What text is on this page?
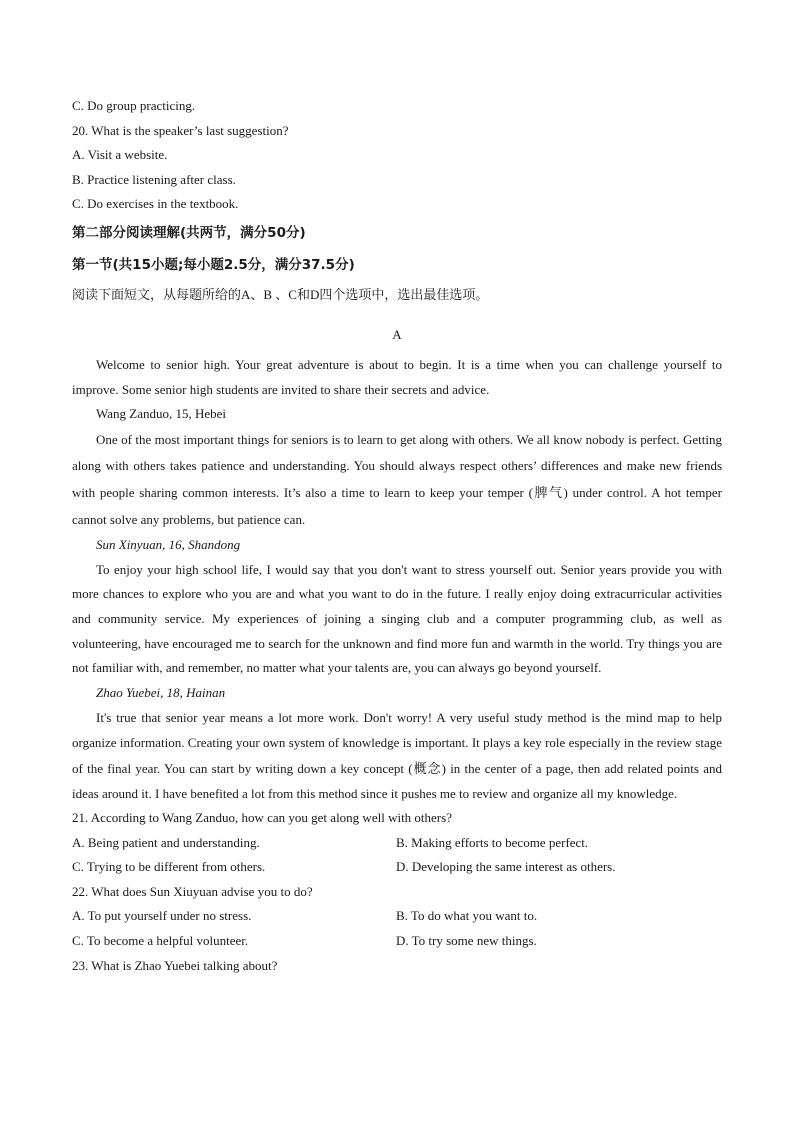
C. Do group practicing.
20. What is the speaker’s last suggestion?
A. Visit a website.
B. Practice listening after class.
C. Do exercises in the textbook.
第二部分阅读理解(共两节，满分50分)
第一节(共15小题;每小题2.5分，满分37.5分)
阅读下面短文，从每题所给的A、B 、C和D四个选项中，选出最佳选项。
A
Welcome to senior high. Your great adventure is about to begin. It is a time when you can challenge yourself to improve. Some senior high students are invited to share their secrets and advice.
Wang Zanduo, 15, Hebei
One of the most important things for seniors is to learn to get along with others. We all know nobody is perfect. Getting along with others takes patience and understanding. You should always respect others’ differences and make new friends with people sharing common interests. It’s also a time to learn to keep your temper (脾气) under control. A hot temper cannot solve any problems, but patience can.
Sun Xinyuan, 16, Shandong
To enjoy your high school life, I would say that you don't want to stress yourself out. Senior years provide you with more chances to explore who you are and what you want to do in the future. I really enjoy doing extracurricular activities and community service. My experiences of joining a singing club and a computer programming club, as well as volunteering, have encouraged me to search for the unknown and find more fun and warmth in the world. Try things you are not familiar with, and remember, no matter what your talents are, you can always go beyond yourself.
Zhao Yuebei, 18, Hainan
It's true that senior year means a lot more work. Don't worry! A very useful study method is the mind map to help organize information. Creating your own system of knowledge is important. It plays a key role especially in the review stage of the final year. You can start by writing down a key concept (概念) in the center of a page, then add related points and ideas around it. I have benefited a lot from this method since it pushes me to review and organize all my knowledge.
21. According to Wang Zanduo, how can you get along well with others?
A. Being patient and understanding.	B. Making efforts to become perfect.
C. Trying to be different from others.	D. Developing the same interest as others.
22. What does Sun Xiuyuan advise you to do?
A. To put yourself under no stress.	B. To do what you want to.
C. To become a helpful volunteer.	D. To try some new things.
23. What is Zhao Yuebei talking about?
